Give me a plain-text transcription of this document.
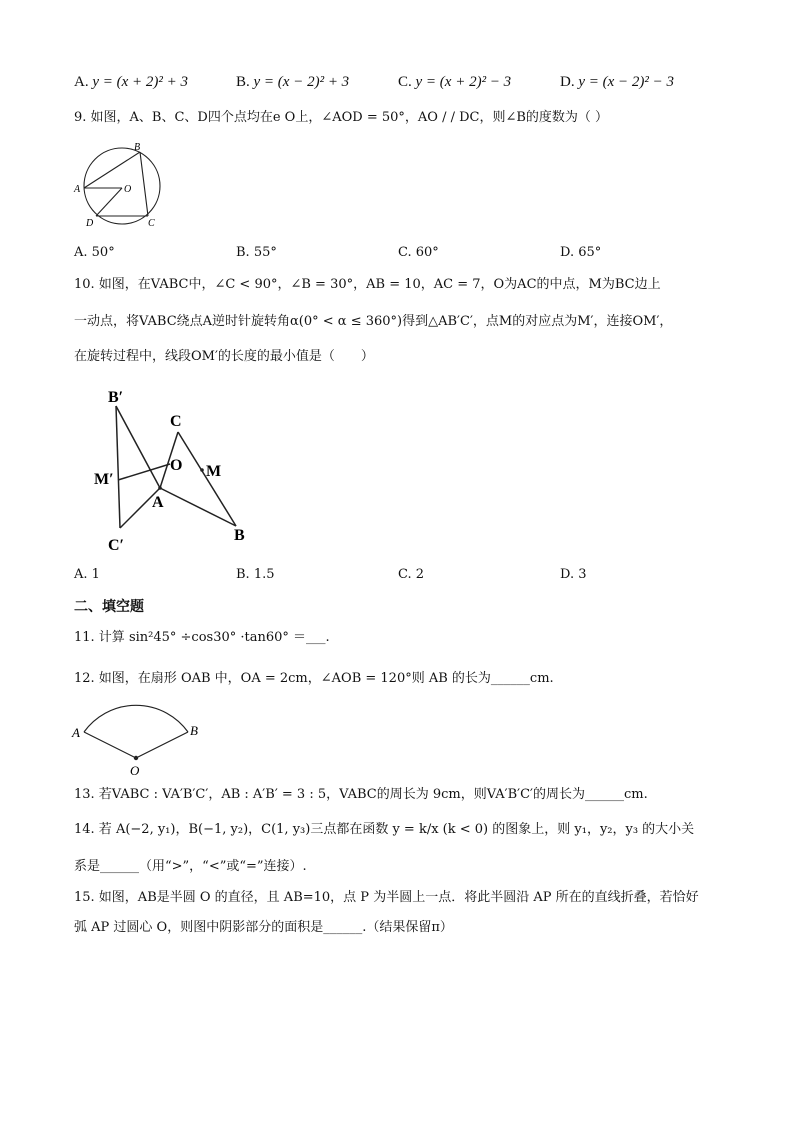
A. y = (x + 2)² + 3	B. y = (x − 2)² + 3	C. y = (x + 2)² − 3	D. y = (x − 2)² − 3
9. 如图，A、B、C、D四个点均在e O上，∠AOD = 50°，AO / / DC，则∠B的度数为（ ）
B
A	O
D	C
A. 50°	B. 55°	C. 60°	D. 65°
10. 如图，在VABC中，∠C < 90°，∠B = 30°，AB = 10，AC = 7，O为AC的中点，M为BC边上
一动点，将VABC绕点A逆时针旋转角α(0° < α ≤ 360°)得到△AB′C′，点M的对应点为M′，连接OM′，
在旋转过程中，线段OM′的长度的最小值是（　　）
B′
C
O M
M′
A
C′
B
A. 1	B. 1.5	C. 2	D. 3
二、填空题
11. 计算 sin²45° ÷cos30° ·tan60° ＝___.
12. 如图，在扇形 OAB 中，OA = 2cm，∠AOB = 120°则 AB 的长为______cm.
A	B
O
13. 若VABC : VA′B′C′，AB : A′B′ = 3 : 5，VABC的周长为 9cm，则VA′B′C′的周长为______cm.
14. 若 A(−2, y₁)，B(−1, y₂)，C(1, y₃)三点都在函数 y = k/x (k < 0) 的图象上，则 y₁，y₂，y₃ 的大小关
系是______（用“>”，“<”或“=”连接）.
15. 如图，AB是半圆 O 的直径，且 AB=10，点 P 为半圆上一点．将此半圆沿 AP 所在的直线折叠，若恰好
弧 AP 过圆心 O，则图中阴影部分的面积是______.（结果保留π）
